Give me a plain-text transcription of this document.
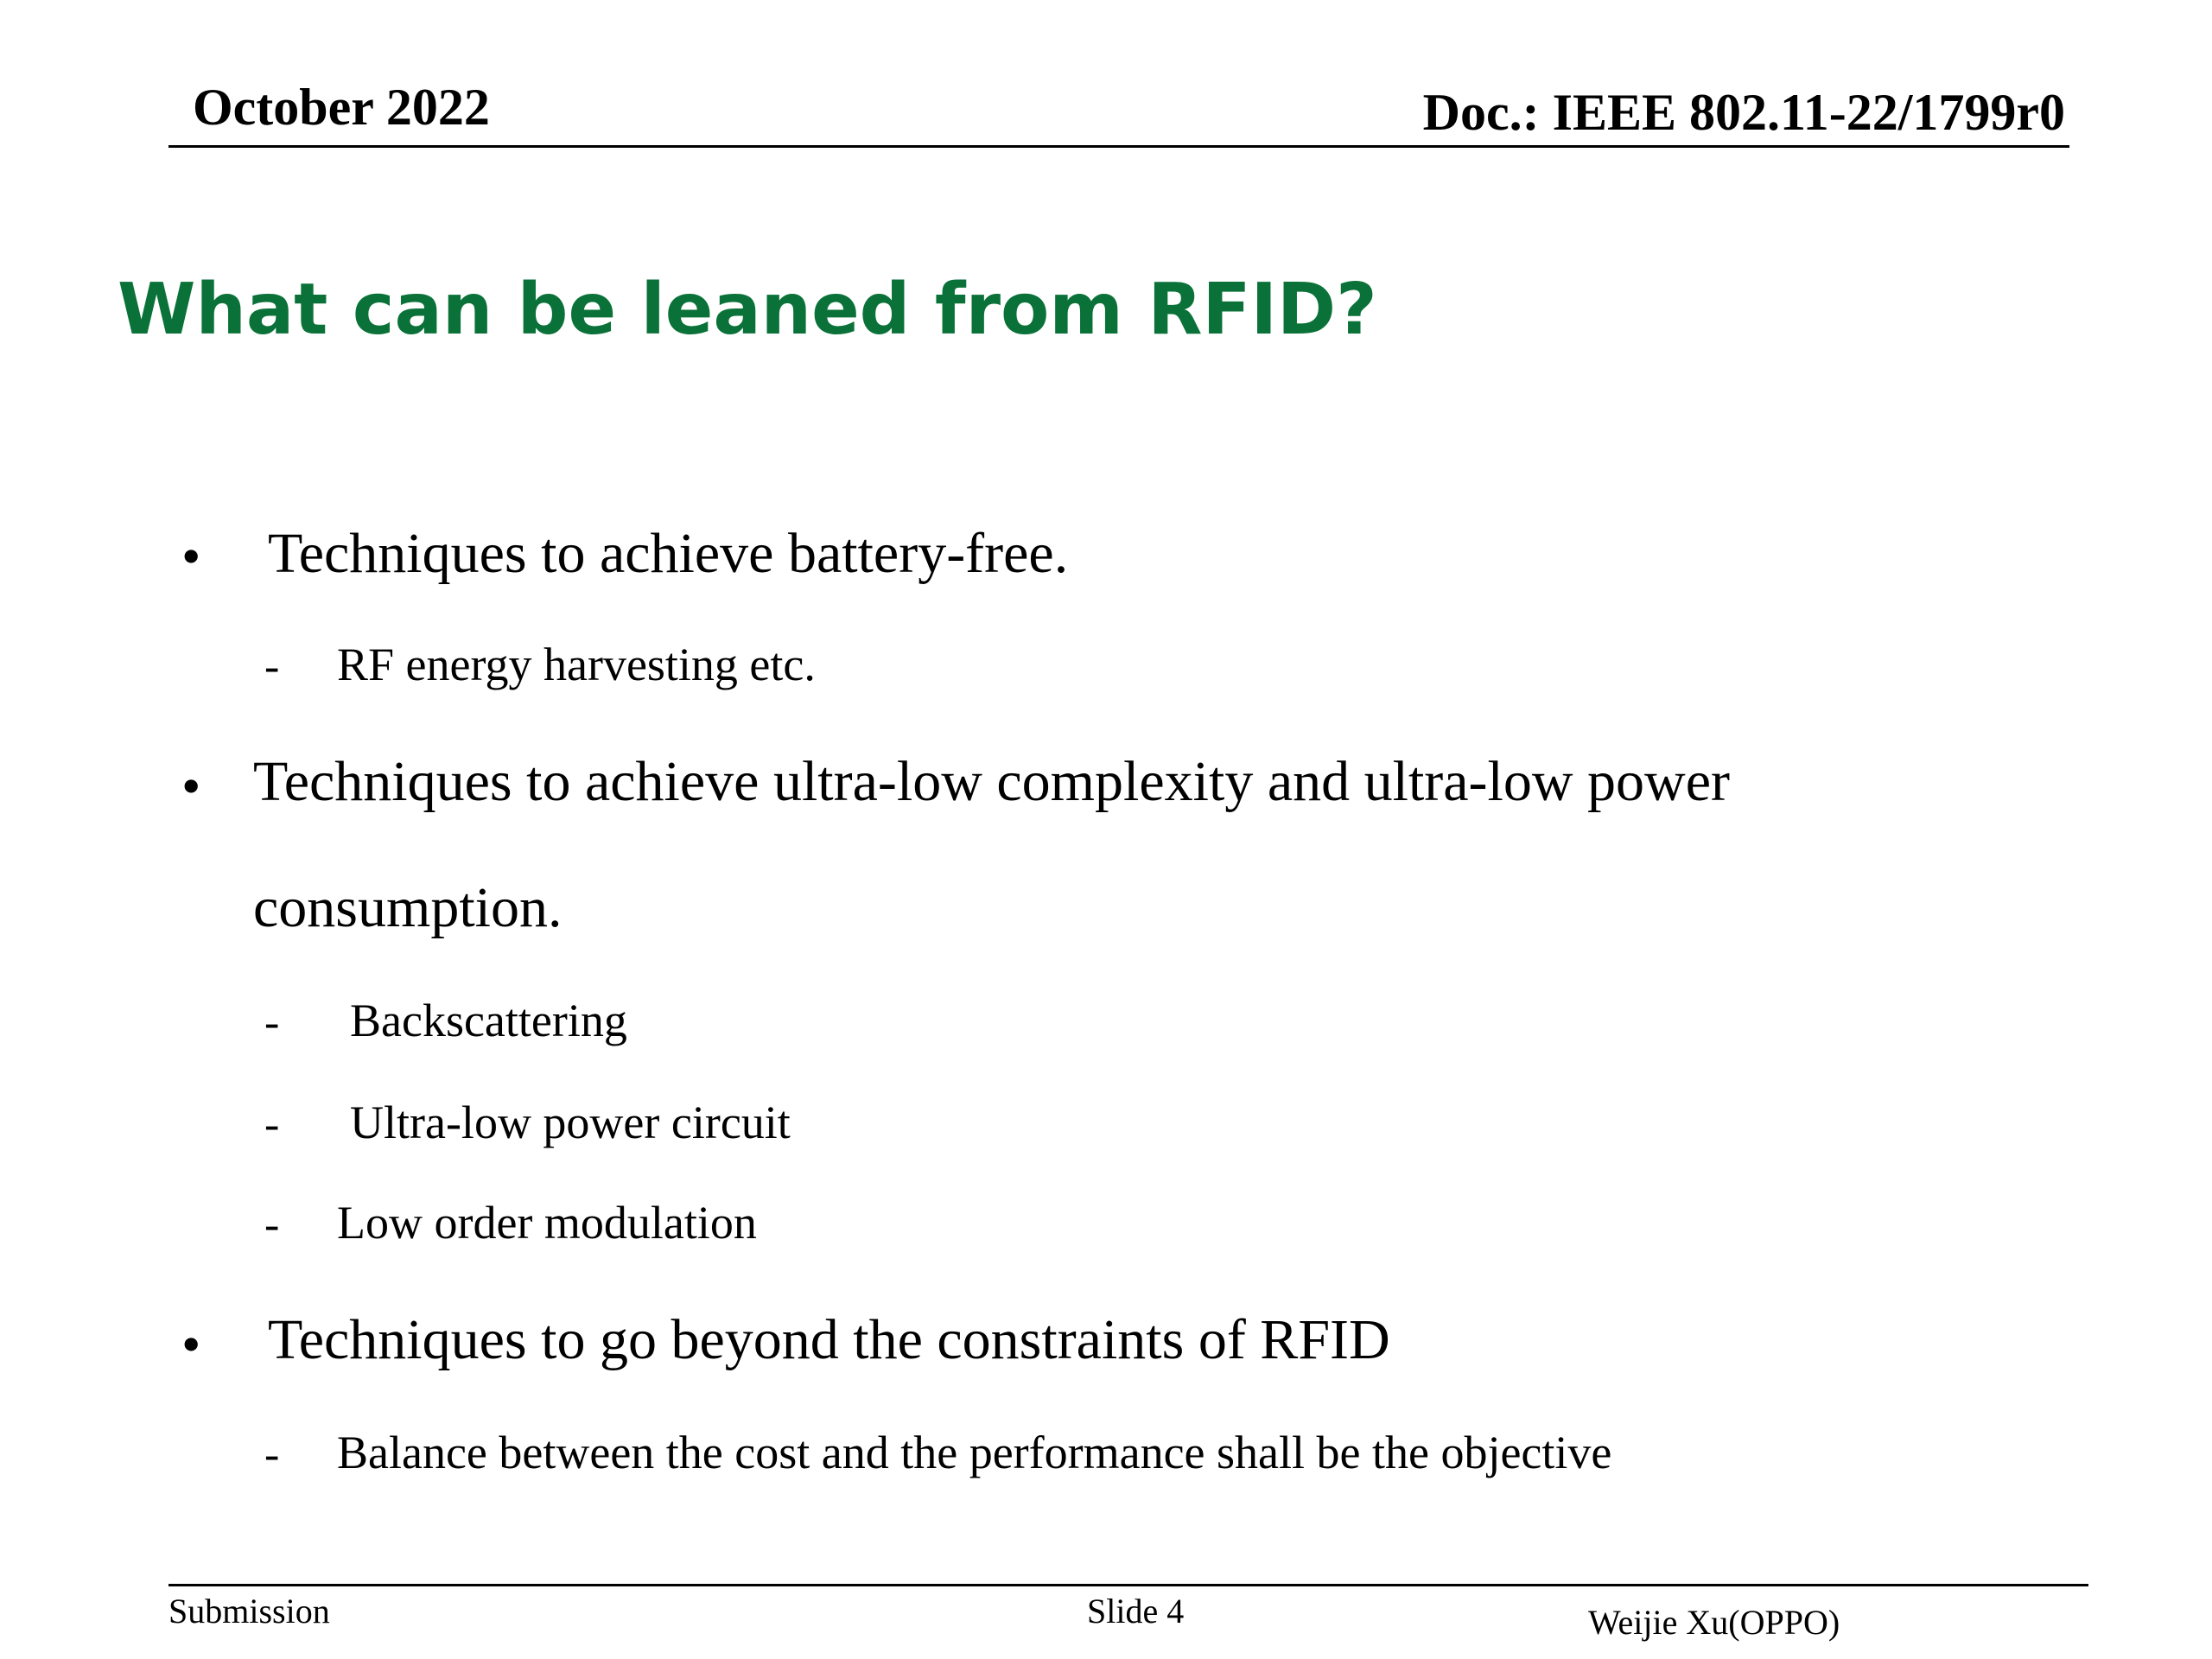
October 2022	Doc.: IEEE 802.11-22/1799r0
What can be leaned from RFID?
• Techniques to achieve battery-free.
- RF energy harvesting etc.
• Techniques to achieve ultra-low complexity and ultra-low power
consumption.
- Backscattering
- Ultra-low power circuit
- Low order modulation
• Techniques to go beyond the constraints of RFID
- Balance between the cost and the performance shall be the objective
Submission	Slide 4	Weijie Xu(OPPO)
